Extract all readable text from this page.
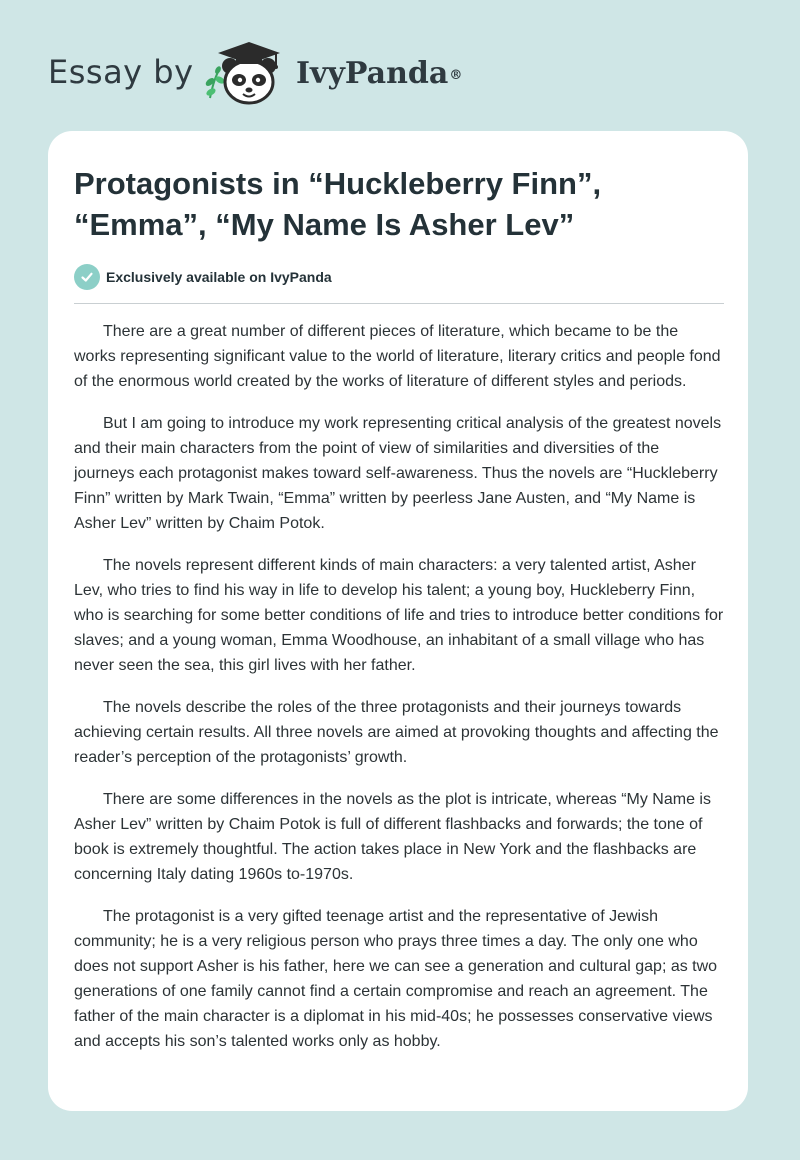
Essay by	IvyPanda®
Protagonists in “Huckleberry Finn”, “Emma”, “My Name Is Asher Lev”
Exclusively available on IvyPanda

There are a great number of different pieces of literature, which became to be the works representing significant value to the world of literature, literary critics and people fond of the enormous world created by the works of literature of different styles and periods.

But I am going to introduce my work representing critical analysis of the greatest novels and their main characters from the point of view of similarities and diversities of the journeys each protagonist makes toward self-awareness. Thus the novels are “Huckleberry Finn” written by Mark Twain, “Emma” written by peerless Jane Austen, and “My Name is Asher Lev” written by Chaim Potok.

The novels represent different kinds of main characters: a very talented artist, Asher Lev, who tries to find his way in life to develop his talent; a young boy, Huckleberry Finn, who is searching for some better conditions of life and tries to introduce better conditions for slaves; and a young woman, Emma Woodhouse, an inhabitant of a small village who has never seen the sea, this girl lives with her father.

The novels describe the roles of the three protagonists and their journeys towards achieving certain results. All three novels are aimed at provoking thoughts and affecting the reader’s perception of the protagonists’ growth.

There are some differences in the novels as the plot is intricate, whereas “My Name is Asher Lev” written by Chaim Potok is full of different flashbacks and forwards; the tone of book is extremely thoughtful. The action takes place in New York and the flashbacks are concerning Italy dating 1960s to-1970s.

The protagonist is a very gifted teenage artist and the representative of Jewish community; he is a very religious person who prays three times a day. The only one who does not support Asher is his father, here we can see a generation and cultural gap; as two generations of one family cannot find a certain compromise and reach an agreement. The father of the main character is a diplomat in his mid-40s; he possesses conservative views and accepts his son’s talented works only as hobby.
